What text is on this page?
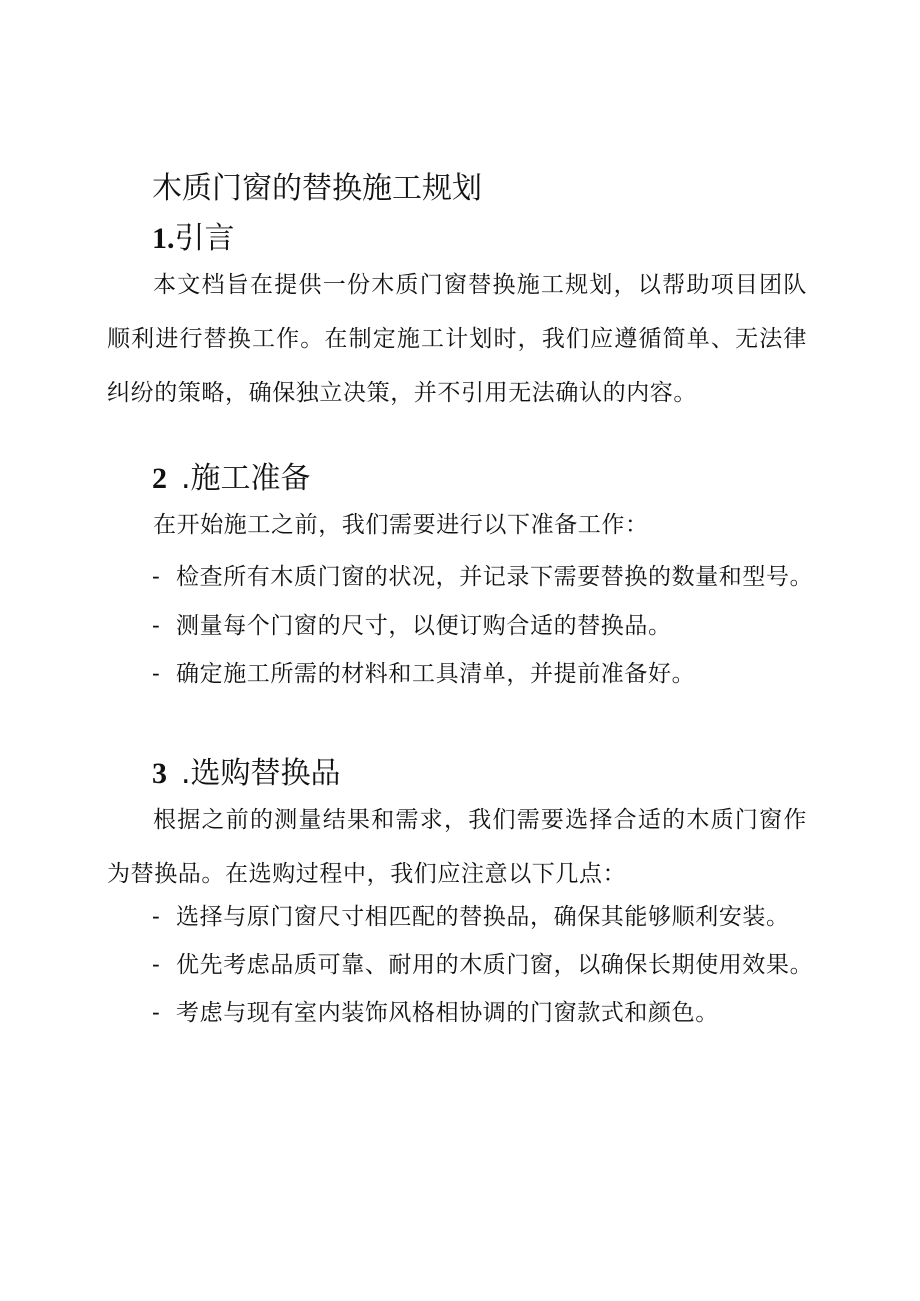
木质门窗的替换施工规划
1.引言

本文档旨在提供一份木质门窗替换施工规划，以帮助项目团队顺利进行替换工作。在制定施工计划时，我们应遵循简单、无法律纠纷的策略，确保独立决策，并不引用无法确认的内容。

2 .施工准备

在开始施工之前，我们需要进行以下准备工作：

- 检查所有木质门窗的状况，并记录下需要替换的数量和型号。
- 测量每个门窗的尺寸，以便订购合适的替换品。
- 确定施工所需的材料和工具清单，并提前准备好。
3 .选购替换品

根据之前的测量结果和需求，我们需要选择合适的木质门窗作为替换品。在选购过程中，我们应注意以下几点：

- 选择与原门窗尺寸相匹配的替换品，确保其能够顺利安装。
- 优先考虑品质可靠、耐用的木质门窗，以确保长期使用效果。
- 考虑与现有室内装饰风格相协调的门窗款式和颜色。
